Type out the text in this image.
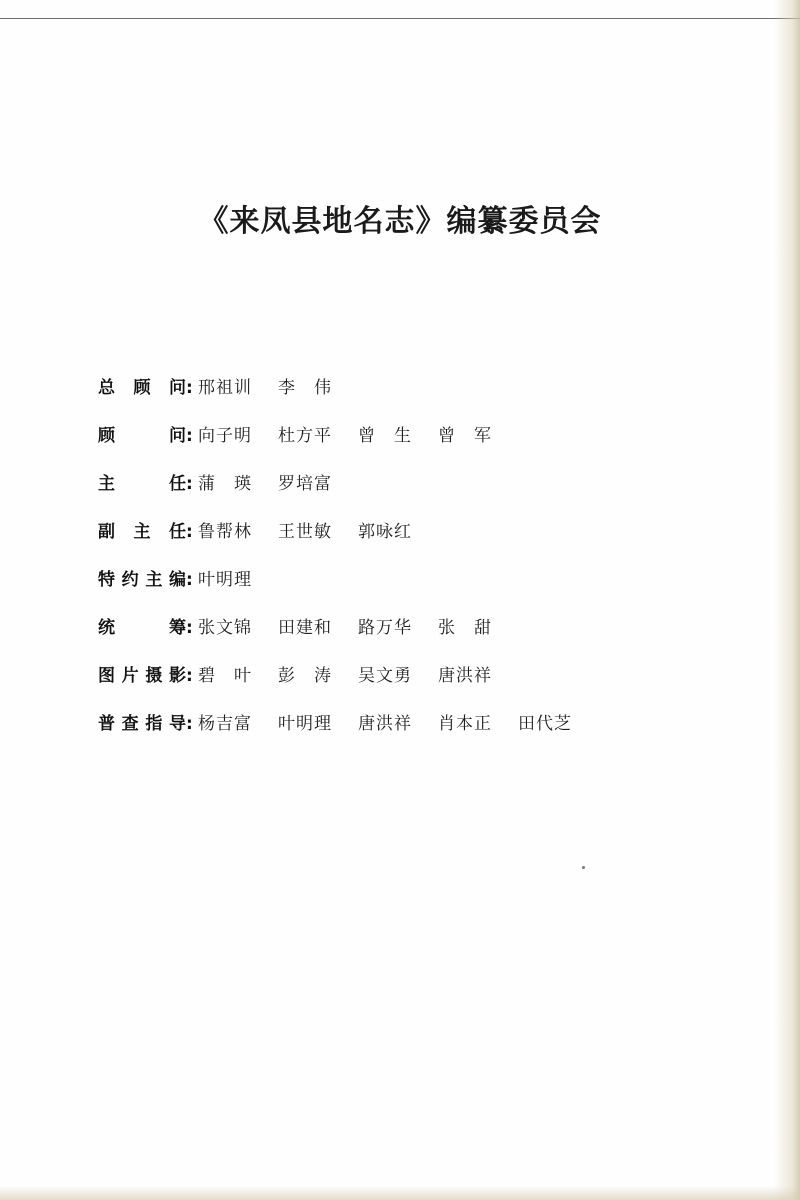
《来凤县地名志》编纂委员会
总顾问 : 邢祖训	李　伟
顾问 : 向子明	杜方平	曾　生	曾　军
主任 : 蒲　瑛	罗培富
副主任 : 鲁帮林	王世敏	郭咏红
特约主编 : 叶明理
统筹 : 张文锦	田建和	路万华	张　甜
图片摄影 : 碧　叶	彭　涛	吴文勇	唐洪祥
普查指导 : 杨吉富	叶明理	唐洪祥	肖本正	田代芝
